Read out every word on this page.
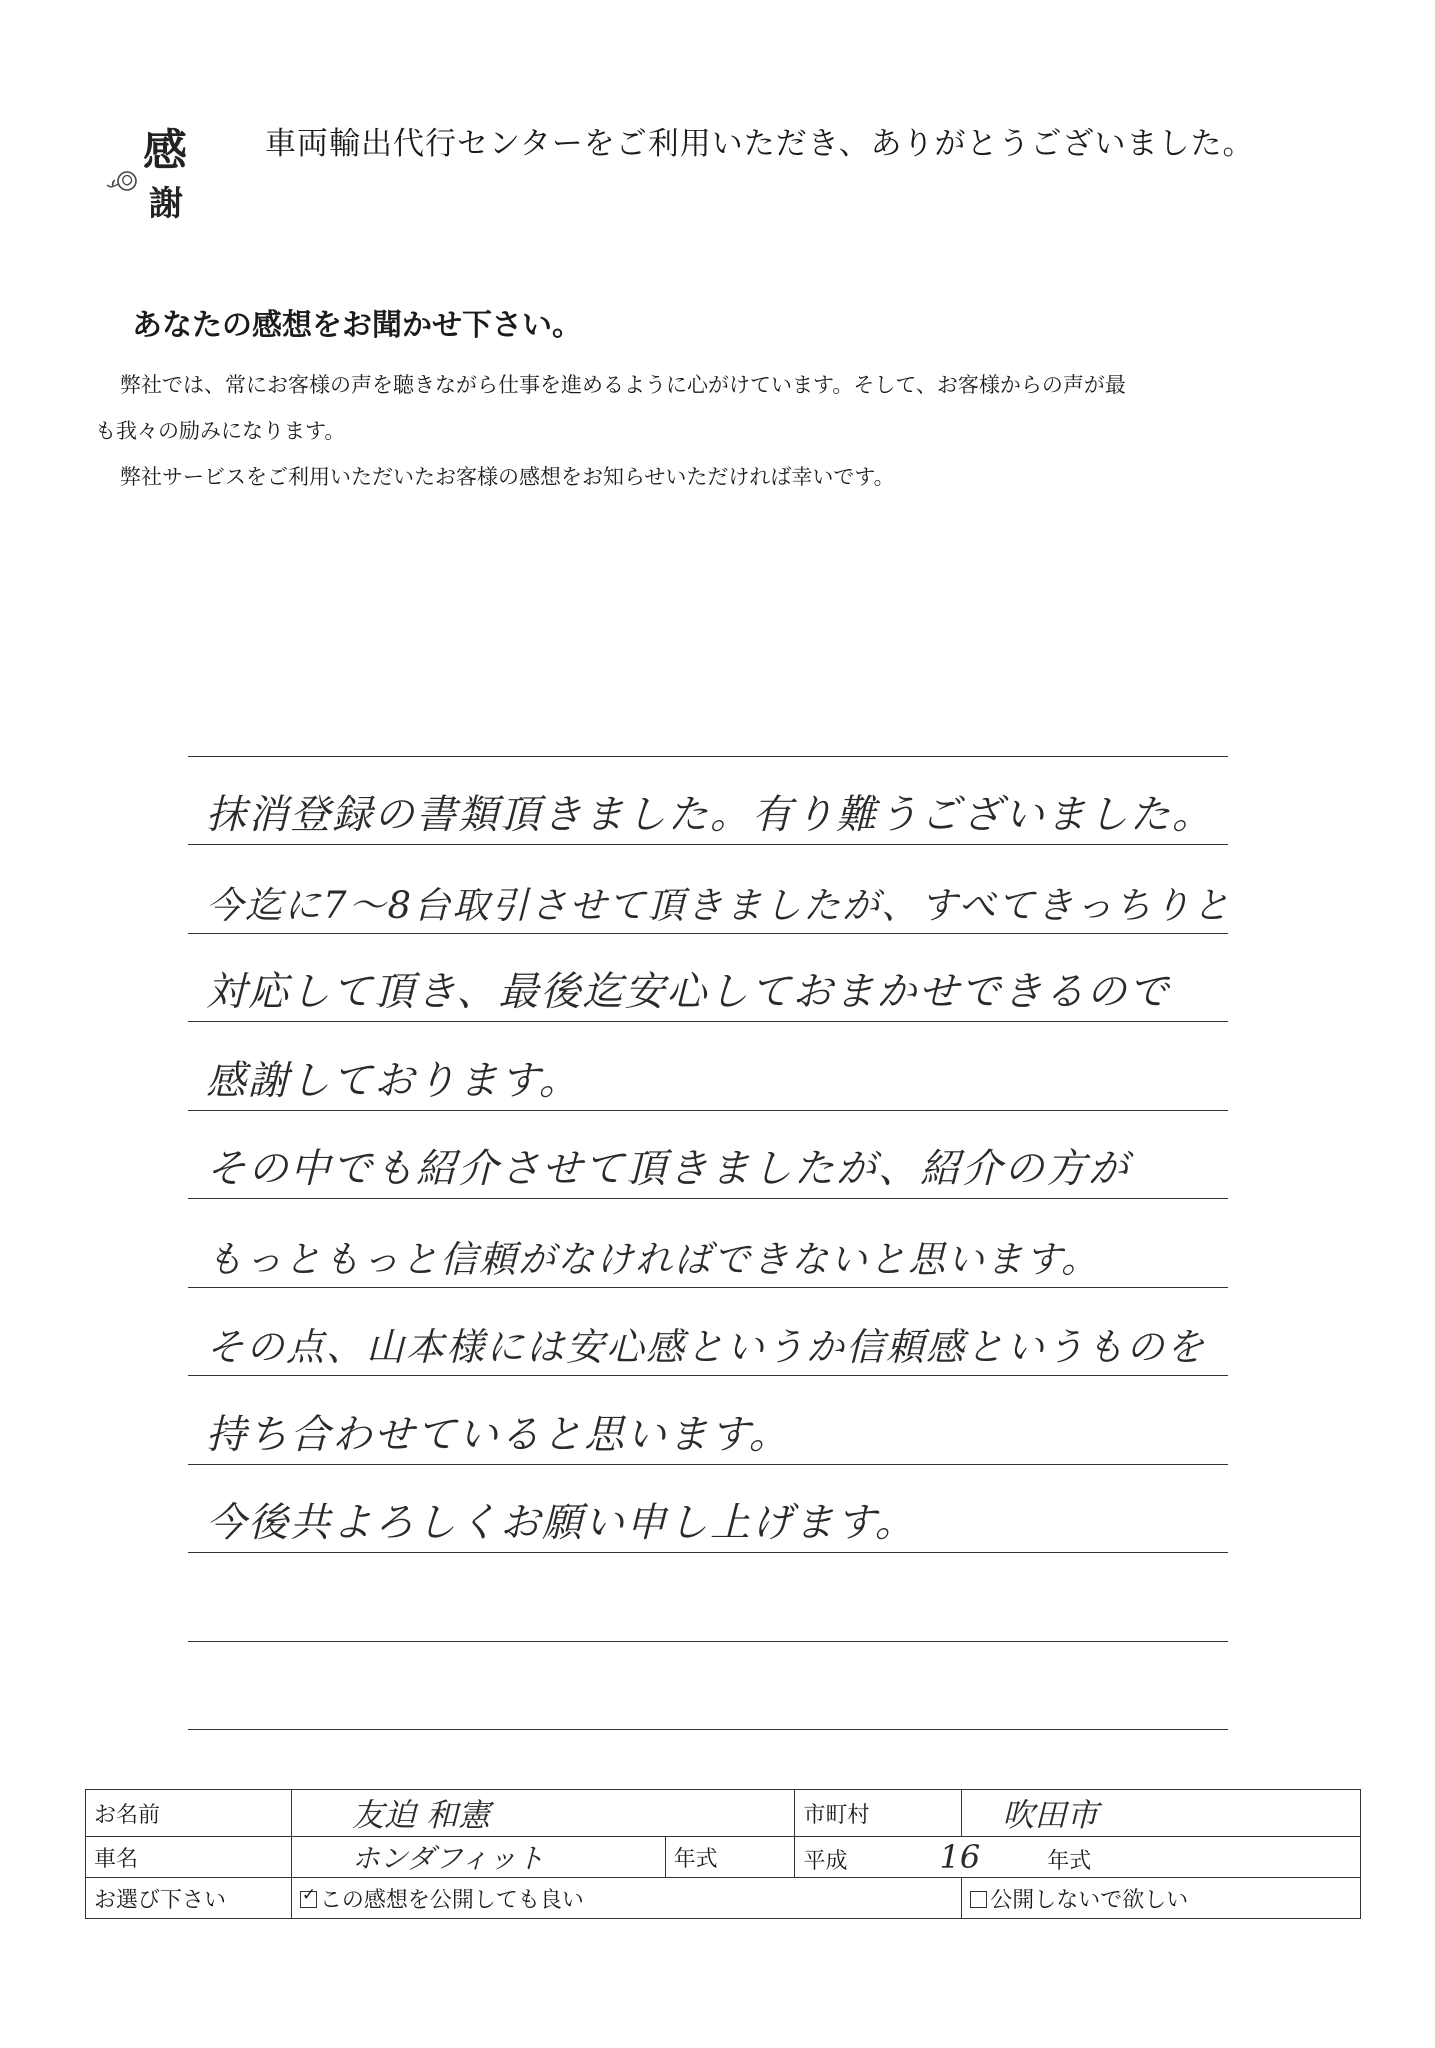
感
謝
車両輸出代行センターをご利用いただき、ありがとうございました。
あなたの感想をお聞かせ下さい。

弊社では、常にお客様の声を聴きながら仕事を進めるように心がけています。そして、お客様からの声が最

も我々の励みになります。

弊社サービスをご利用いただいたお客様の感想をお知らせいただければ幸いです。

抹消登録の書類頂きました。有り難うございました。
今迄に7〜8台取引させて頂きましたが、すべてきっちりと
対応して頂き、最後迄安心しておまかせできるので
感謝しております。
その中でも紹介させて頂きましたが、紹介の方が
もっともっと信頼がなければできないと思います。
その点、山本様には安心感というか信頼感というものを
持ち合わせていると思います。
今後共よろしくお願い申し上げます。
お名前	友迫 和憲		市町村	吹田市
車名	ホンダフィット	年式	平成 16 年式	
お選び下さい	✓この感想を公開しても良い			公開しないで欲しい
